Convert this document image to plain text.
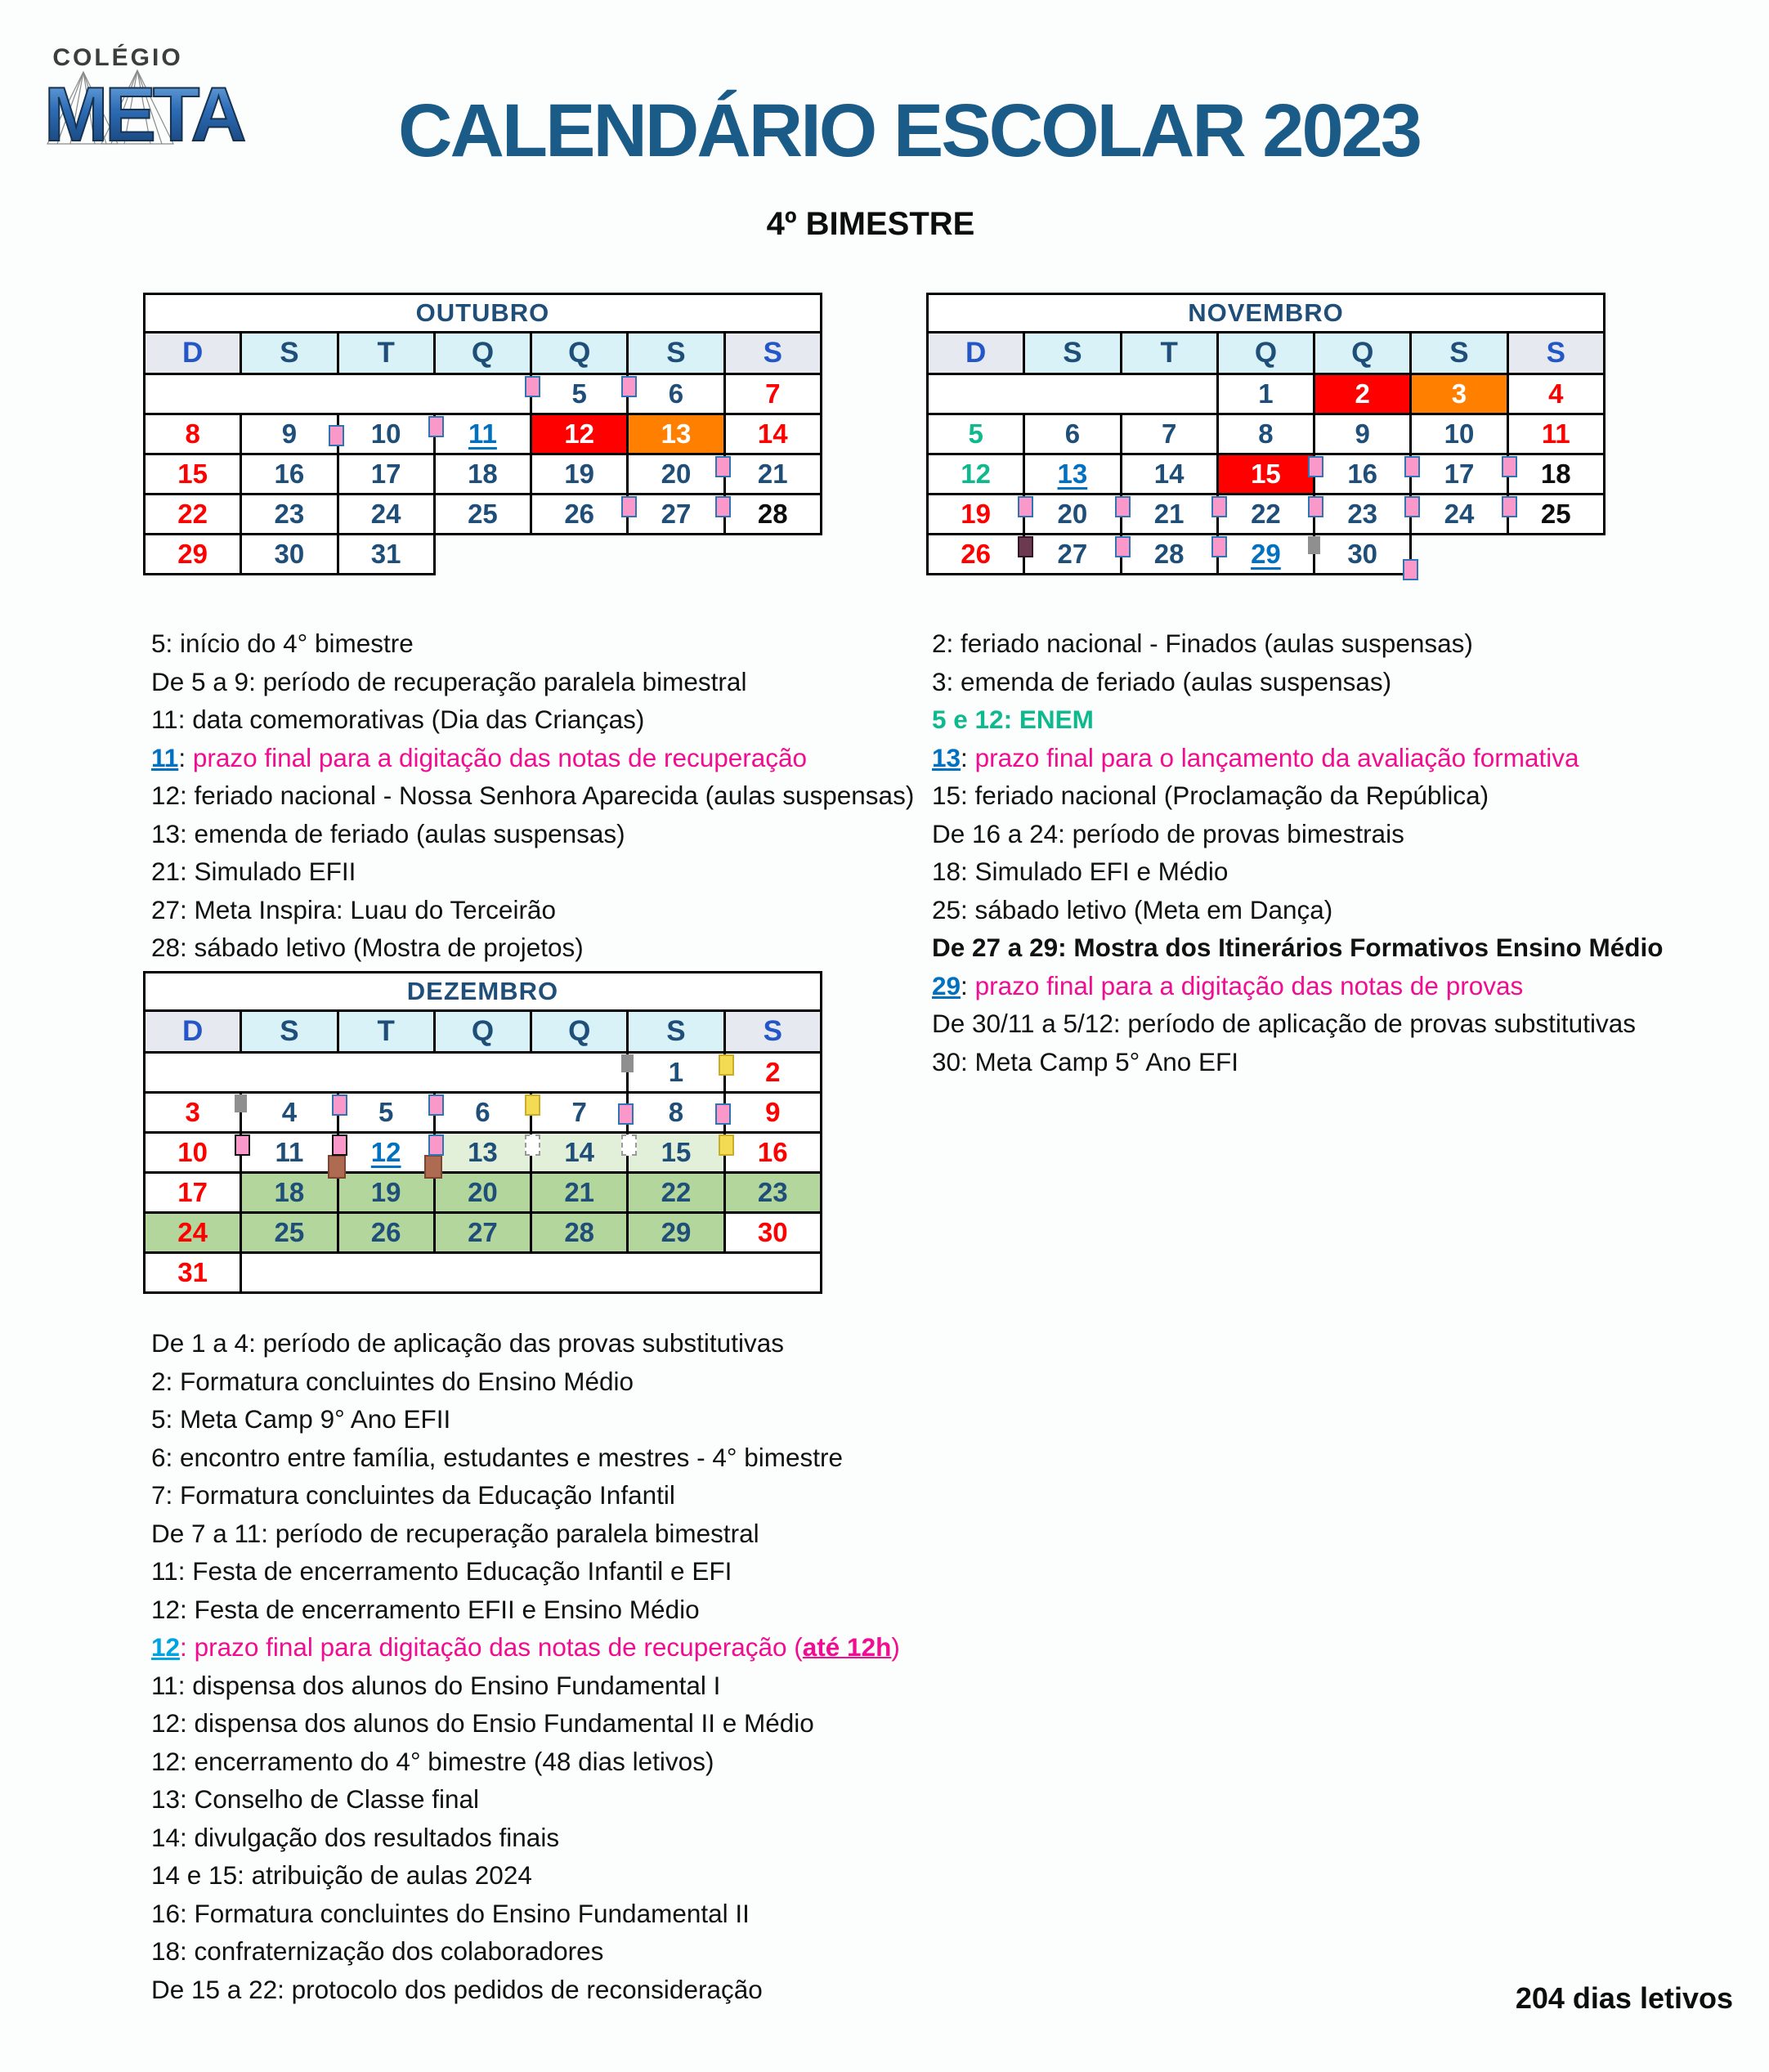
COLÉGIO
META	CALENDÁRIO ESCOLAR 2023
4º BIMESTRE
OUTUBRO						
D	S	T	Q	Q	S	S

				5	6	7

8	9	10	11	12	13	14

15	16	17	18	19	20	21

22	23	24	25	26	27	28

29	30	31				

NOVEMBRO						
D	S	T	Q	Q	S	S

			1	2	3	4

5	6	7	8	9	10	11

12	13	14	15	16	17	18

19	20	21	22	23	24	25

26	27	28	29	30		

DEZEMBRO						
D	S	T	Q	Q	S	S

					1	2

3	4	5	6	7	8	9

10	11	12	13	14	15	16

17	18	19	20	21	22	23

24	25	26	27	28	29	30

31						

5: início do 4° bimestre
De 5 a 9: período de recuperação paralela bimestral
11: data comemorativas (Dia das Crianças)
11: prazo final para a digitação das notas de recuperação
12: feriado nacional - Nossa Senhora Aparecida (aulas suspensas)
13: emenda de feriado (aulas suspensas)
21: Simulado EFII
27: Meta Inspira: Luau do Terceirão
28: sábado letivo (Mostra de projetos)
2: feriado nacional - Finados (aulas suspensas)
3: emenda de feriado (aulas suspensas)
5 e 12: ENEM
13: prazo final para o lançamento da avaliação formativa
15: feriado nacional (Proclamação da República)
De 16 a 24: período de provas bimestrais
18: Simulado EFI e Médio
25: sábado letivo (Meta em Dança)
De 27 a 29: Mostra dos Itinerários Formativos Ensino Médio
29: prazo final para a digitação das notas de provas
De 30/11 a 5/12: período de aplicação de provas substitutivas
30: Meta Camp 5° Ano EFI
De 1 a 4: período de aplicação das provas substitutivas
2: Formatura concluintes do Ensino Médio
5: Meta Camp 9° Ano EFII
6: encontro entre família, estudantes e mestres - 4° bimestre
7: Formatura concluintes da Educação Infantil
De 7 a 11: período de recuperação paralela bimestral
11: Festa de encerramento Educação Infantil e EFI
12: Festa de encerramento EFII e Ensino Médio
12: prazo final para digitação das notas de recuperação (até 12h)
11: dispensa dos alunos do Ensino Fundamental I
12: dispensa dos alunos do Ensio Fundamental II e Médio
12: encerramento do 4° bimestre (48 dias letivos)
13: Conselho de Classe final
14: divulgação dos resultados finais
14 e 15: atribuição de aulas 2024
16: Formatura concluintes do Ensino Fundamental II
18: confraternização dos colaboradores
De 15 a 22: protocolo dos pedidos de reconsideração	204 dias letivos
